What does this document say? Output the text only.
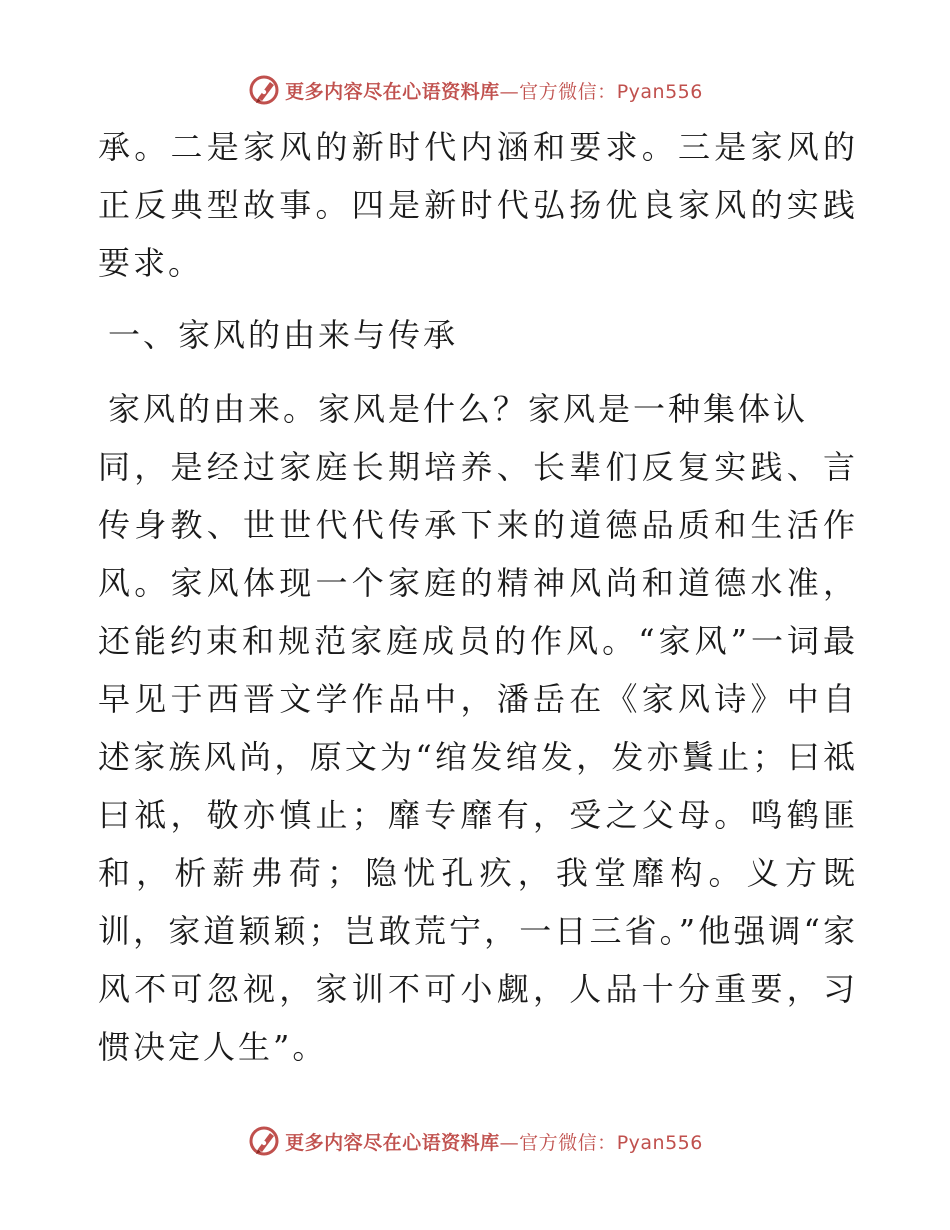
更多内容尽在心语资料库—官方微信：Pyan556

承。二是家风的新时代内涵和要求。三是家风的正反典型故事。四是新时代弘扬优良家风的实践要求。

一、家风的由来与传承

家风的由来。家风是什么？家风是一种集体认
同，是经过家庭长期培养、长辈们反复实践、言传身教、世世代代传承下来的道德品质和生活作风。家风体现一个家庭的精神风尚和道德水准，还能约束和规范家庭成员的作风。“家风”一词最早见于西晋文学作品中，潘岳在《家风诗》中自述家族风尚，原文为“绾发绾发，发亦鬒止；曰祗曰祗，敬亦慎止；靡专靡有，受之父母。鸣鹤匪和，析薪弗荷；隐忧孔疚，我堂靡构。义方既训，家道颖颖；岂敢荒宁，一日三省。”他强调“家风不可忽视，家训不可小觑，人品十分重要，习惯决定人生”。

更多内容尽在心语资料库—官方微信：Pyan556
